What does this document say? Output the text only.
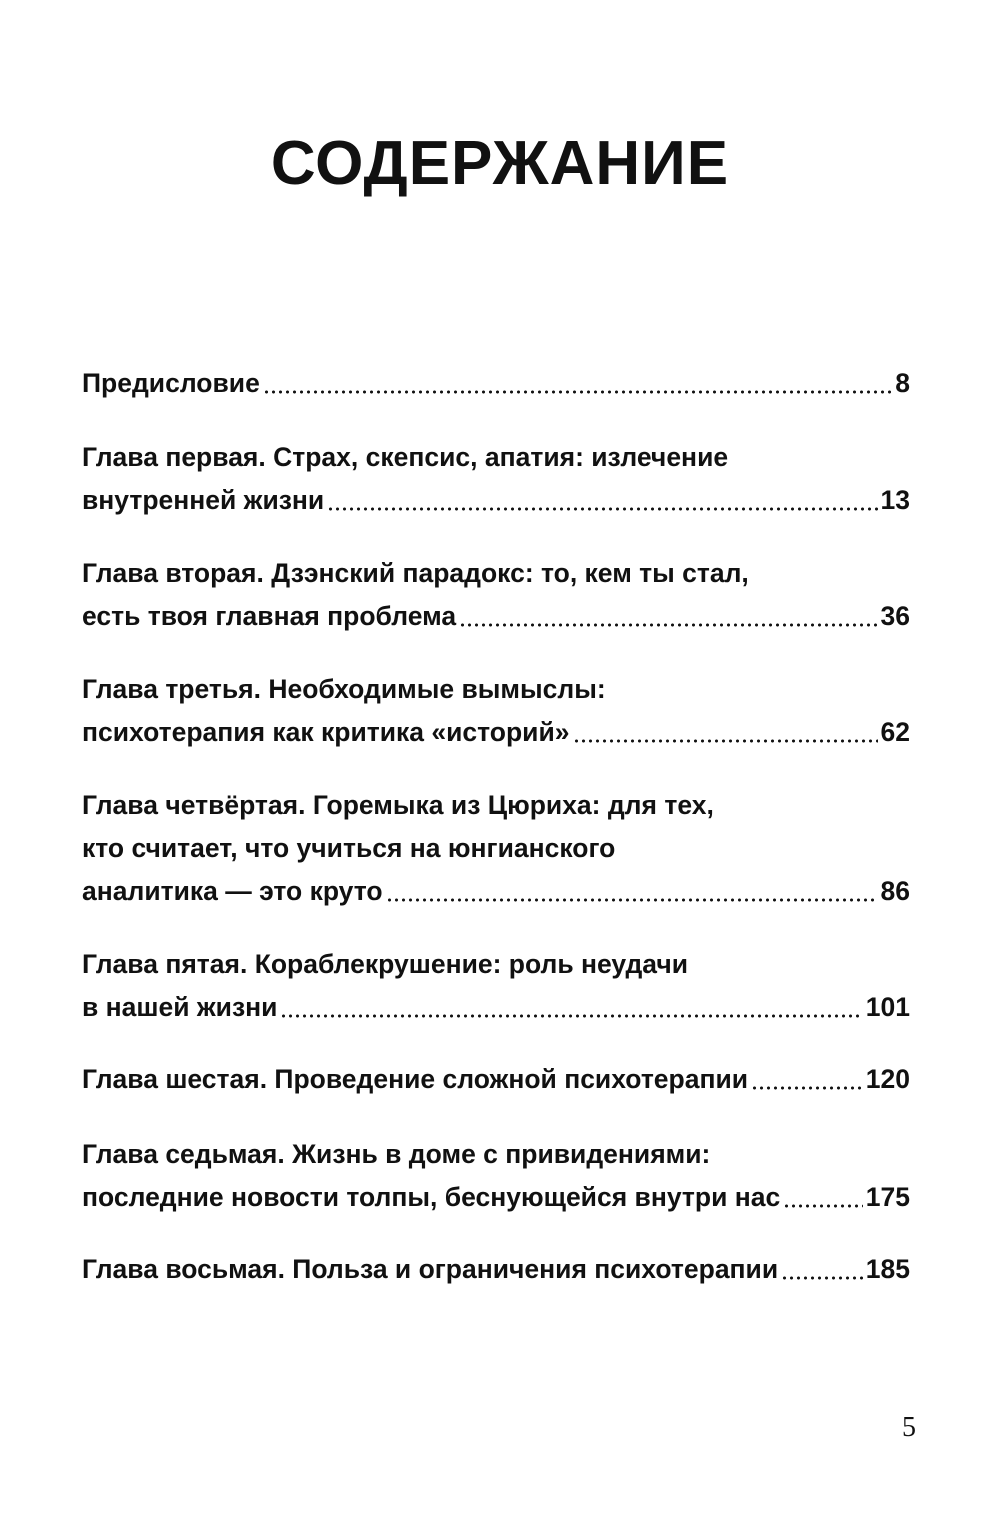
СОДЕРЖАНИЕ
Предисловие	8
Глава первая. Страх, скепсис, апатия: излечение
внутренней жизни	13
Глава вторая. Дзэнский парадокс: то, кем ты стал,
есть твоя главная проблема	36
Глава третья. Необходимые вымыслы:
психотерапия как критика «историй»	62
Глава четвёртая. Горемыка из Цюриха: для тех,
кто считает, что учиться на юнгианского
аналитика — это круто	86
Глава пятая. Кораблекрушение: роль неудачи
в нашей жизни	101
Глава шестая. Проведение сложной психотерапии	120
Глава седьмая. Жизнь в доме с привидениями:
последние новости толпы, беснующейся внутри нас	175
Глава восьмая. Польза и ограничения психотерапии	185
5
